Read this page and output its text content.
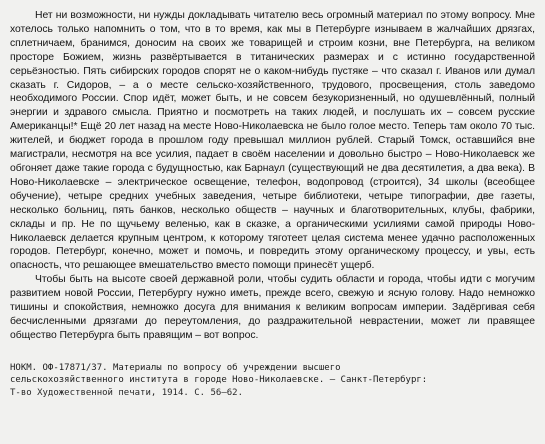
Нет ни возможности, ни нужды докладывать читателю весь огромный материал по этому вопросу. Мне хотелось только напомнить о том, что в то время, как мы в Петербурге изнываем в жалчайших дрязгах, сплетничаем, бранимся, доносим на своих же товарищей и строим козни, вне Петербурга, на великом просторе Божием, жизнь развёртывается в титанических размерах и с истинно государственной серьёзностью. Пять сибирских городов спорят не о каком-нибудь пустяке – что сказал г. Иванов или думал сказать г. Сидоров, – а о месте сельско-хозяйственного, трудового, просвещения, столь заведомо необходимого России. Спор идёт, может быть, и не совсем безукоризненный, но одушевлённый, полный энергии и здравого смысла. Приятно и посмотреть на таких людей, и послушать их – совсем русские Американцы!* Ещё 20 лет назад на месте Ново-Николаевска не было голое место. Теперь там около 70 тыс. жителей, и бюджет города в прошлом году превышал миллион рублей. Старый Томск, оставшийся вне магистрали, несмотря на все усилия, падает в своём населении и довольно быстро – Ново-Николаевск же обгоняет даже такие города с будущностью, как Барнаул (существующий не два десятилетия, а два века). В Ново-Николаевске – электрическое освещение, телефон, водопровод (строится), 34 школы (всеобщее обучение), четыре средних учебных заведения, четыре библиотеки, четыре типографии, две газеты, несколько больниц, пять банков, несколько обществ – научных и благотворительных, клубы, фабрики, склады и пр. Не по щучьему веленью, как в сказке, а органическими усилиями самой природы Ново-Николаевск делается крупным центром, к которому тяготеет целая система менее удачно расположенных городов. Петербург, конечно, может и помочь, и повредить этому органическому процессу, и увы, есть опасность, что решающее вмешательство вместо помощи принесёт ущерб.

Чтобы быть на высоте своей державной роли, чтобы судить области и города, чтобы идти с могучим развитием новой России, Петербургу нужно иметь, прежде всего, свежую и ясную голову. Надо немножко тишины и спокойствия, немножко досуга для внимания к великим вопросам империи. Задёргивая себя бесчисленными дрязгами до переутомления, до раздражительной неврастении, может ли правящее общество Петербурга быть правящим – вот вопрос.

НОКМ. ОФ-17871/37. Материалы по вопросу об учреждении высшего
сельскохозяйственного института в городе Ново-Николаевске. – Санкт-Петербург:
Т-во Художественной печати, 1914. С. 56–62.
